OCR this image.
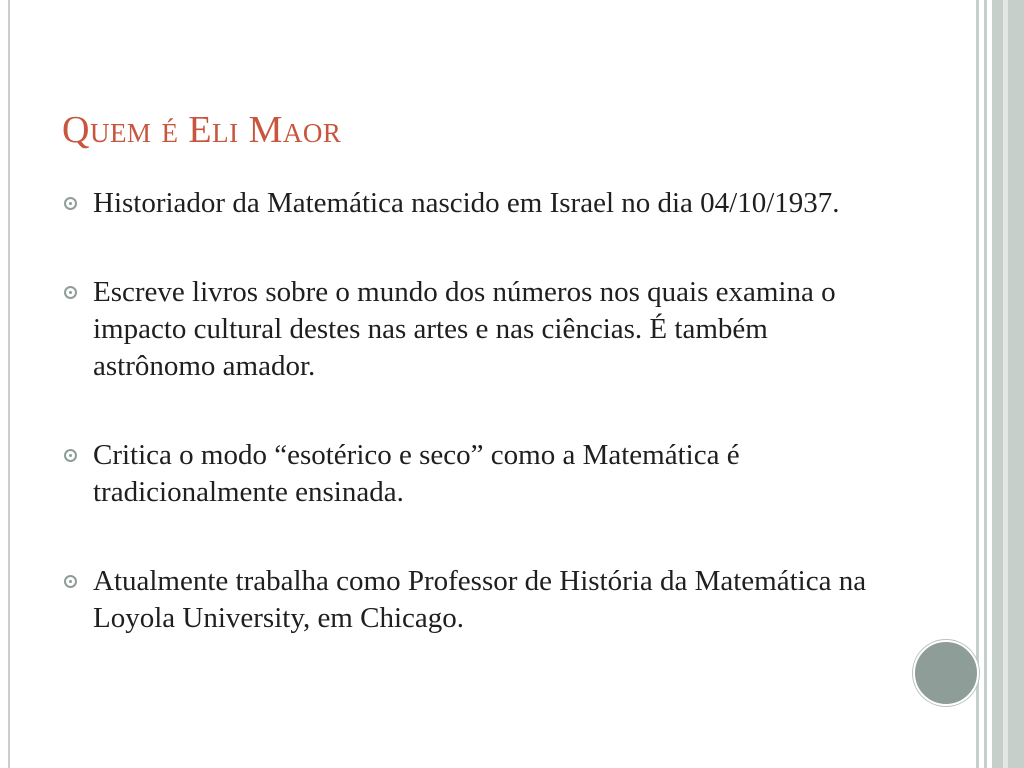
Quem é Eli Maor
Historiador da Matemática nascido em Israel no dia 04/10/1937.
Escreve livros sobre o mundo dos números nos quais examina o impacto cultural destes nas artes e nas ciências. É também astrônomo amador.
Critica o modo “esotérico e seco” como a Matemática é tradicionalmente ensinada.
Atualmente trabalha como Professor de História da Matemática na Loyola University, em Chicago.
